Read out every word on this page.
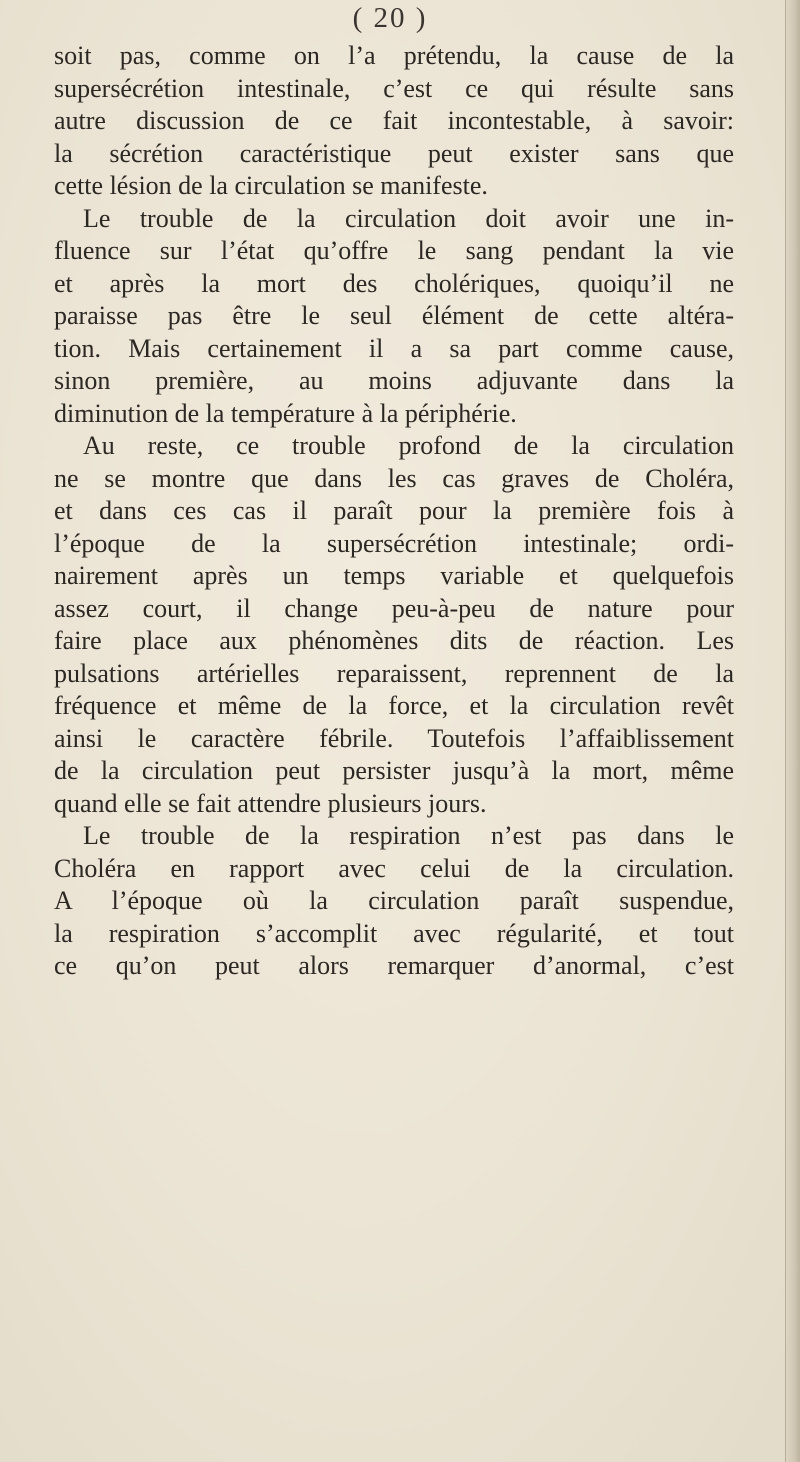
( 20 )
soit pas, comme on l’a prétendu, la cause de la
supersécrétion intestinale, c’est ce qui résulte sans
autre discussion de ce fait incontestable, à savoir:
la sécrétion caractéristique peut exister sans que
cette lésion de la circulation se manifeste.
Le trouble de la circulation doit avoir une in-
fluence sur l’état qu’offre le sang pendant la vie
et après la mort des cholériques, quoiqu’il ne
paraisse pas être le seul élément de cette altéra-
tion. Mais certainement il a sa part comme cause,
sinon première, au moins adjuvante dans la
diminution de la température à la périphérie.
Au reste, ce trouble profond de la circulation
ne se montre que dans les cas graves de Choléra,
et dans ces cas il paraît pour la première fois à
l’époque de la supersécrétion intestinale; ordi-
nairement après un temps variable et quelquefois
assez court, il change peu-à-peu de nature pour
faire place aux phénomènes dits de réaction. Les
pulsations artérielles reparaissent, reprennent de la
fréquence et même de la force, et la circulation revêt
ainsi le caractère fébrile. Toutefois l’affaiblissement
de la circulation peut persister jusqu’à la mort, même
quand elle se fait attendre plusieurs jours.
Le trouble de la respiration n’est pas dans le
Choléra en rapport avec celui de la circulation.
A l’époque où la circulation paraît suspendue,
la respiration s’accomplit avec régularité, et tout
ce qu’on peut alors remarquer d’anormal, c’est
